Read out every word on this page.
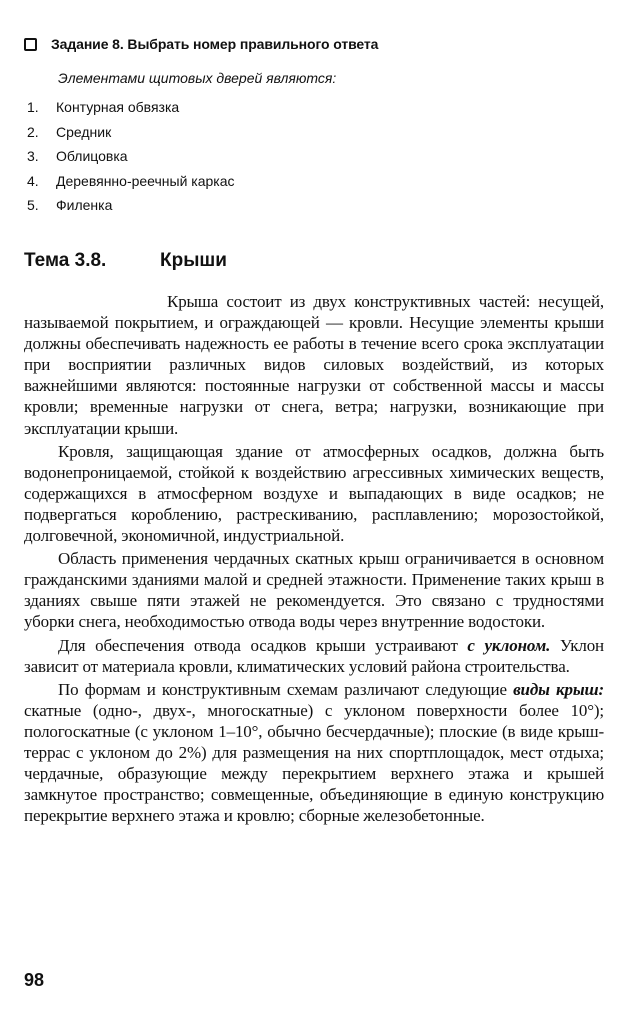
Задание 8. Выбрать номер правильного ответа
Элементами щитовых дверей являются:
1.	Контурная обвязка
2.	Средник
3.	Облицовка
4.	Деревянно-реечный каркас
5.	Филенка
Тема 3.8.	Крыши

Крыша состоит из двух конструктивных частей: несущей, называемой покрытием, и ограждающей — кровли. Несущие элементы крыши должны обеспечивать надежность ее работы в течение всего срока эксплуатации при восприятии различных видов силовых воздействий, из которых важнейшими являются: постоянные нагрузки от собственной массы и массы кровли; временные нагрузки от снега, ветра; нагрузки, возникающие при эксплуатации крыши.

Кровля, защищающая здание от атмосферных осадков, должна быть водонепроницаемой, стойкой к воздействию агрессивных химических веществ, содержащихся в атмосферном воздухе и выпадающих в виде осадков; не подвергаться короблению, растрескиванию, расплавлению; морозостойкой, долговечной, экономичной, индустриальной.

Область применения чердачных скатных крыш ограничивается в основном гражданскими зданиями малой и средней этажности. Применение таких крыш в зданиях свыше пяти этажей не рекомендуется. Это связано с трудностями уборки снега, необходимостью отвода воды через внутренние водостоки.

Для обеспечения отвода осадков крыши устраивают с уклоном. Уклон зависит от материала кровли, климатических условий района строительства.

По формам и конструктивным схемам различают следующие виды крыш: скатные (одно-, двух-, многоскатные) с уклоном поверхности более 10°); пологоскатные (с уклоном 1–10°, обычно бесчердачные); плоские (в виде крыш-террас с уклоном до 2%) для размещения на них спортплощадок, мест отдыха; чердачные, образующие между перекрытием верхнего этажа и крышей замкнутое пространство; совмещенные, объединяющие в единую конструкцию перекрытие верхнего этажа и кровлю; сборные железобетонные.

98
